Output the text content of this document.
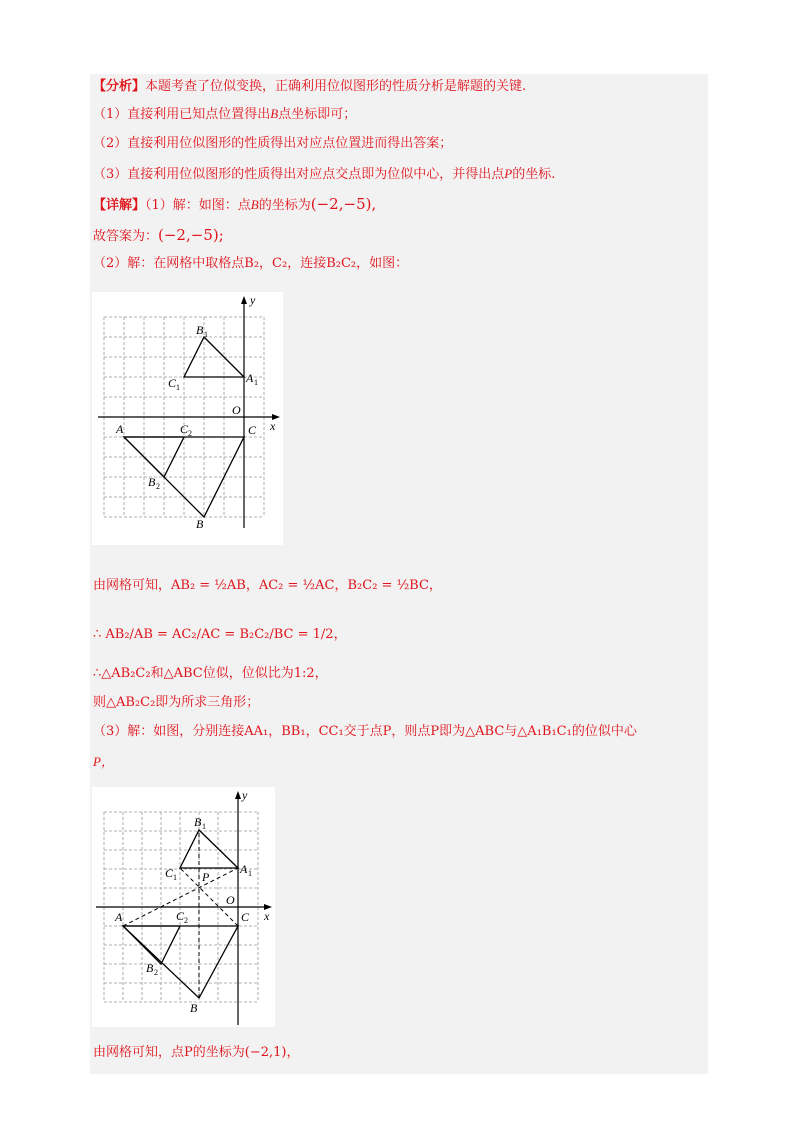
【分析】本题考查了位似变换，正确利用位似图形的性质分析是解题的关键.
（1）直接利用已知点位置得出B点坐标即可；
（2）直接利用位似图形的性质得出对应点位置进而得出答案；
（3）直接利用位似图形的性质得出对应点交点即为位似中心，并得出点P的坐标.
【详解】（1）解：如图：点B的坐标为(−2,−5),
故答案为：(−2,−5);
（2）解：在网格中取格点B₂，C₂，连接B₂C₂，如图：
y
x
O
A	C
B
C 2
B 2
A 1
B 1
C 1
由网格可知，AB₂ = ½AB，AC₂ = ½AC，B₂C₂ = ½BC，
∴ AB₂/AB = AC₂/AC = B₂C₂/BC = 1/2，
∴△AB₂C₂和△ABC位似，位似比为1:2，
则△AB₂C₂即为所求三角形；
（3）解：如图，分别连接AA₁，BB₁，CC₁交于点P，则点P即为△ABC与△A₁B₁C₁的位似中心
P，
y
x
O
A	C
B
C 2
B 2
A 1
B 1
C 1 P
由网格可知，点P的坐标为(−2,1)，
